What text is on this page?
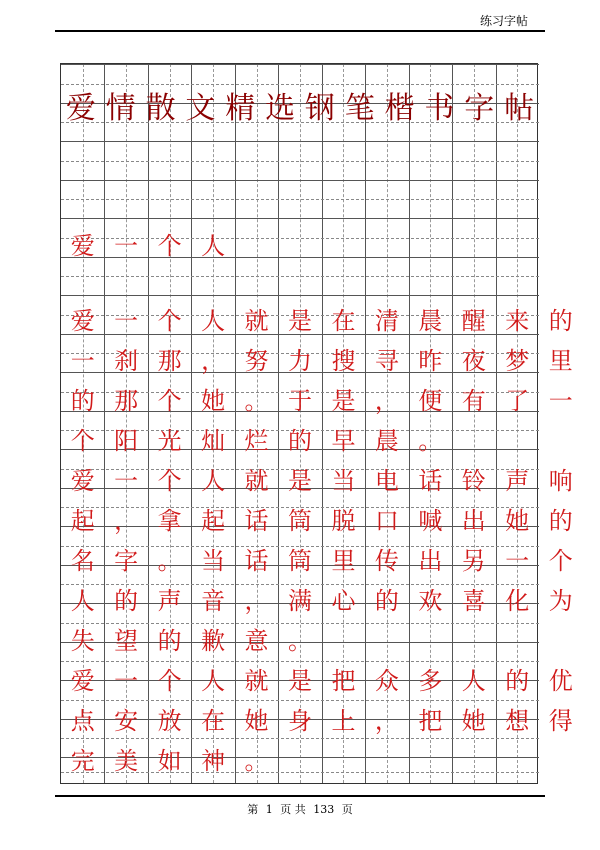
练习字帖
爱 情 散 文 精 选 钢 笔 楷 书 字 帖
爱 一 个 人
爱 一 个 人 就 是 在 清 晨 醒 来 的
一 刹 那 ， 努 力 搜 寻 昨 夜 梦 里
的 那 个 她 。 于 是 ， 便 有 了 一
个 阳 光 灿 烂 的 早 晨 。
爱 一 个 人 就 是 当 电 话 铃 声 响
起 ， 拿 起 话 筒 脱 口 喊 出 她 的
名 字 。 当 话 筒 里 传 出 另 一 个
人 的 声 音 ， 满 心 的 欢 喜 化 为
失 望 的 歉 意 。
爱 一 个 人 就 是 把 众 多 人 的 优
点 安 放 在 她 身 上 ， 把 她 想 得
完 美 如 神 。
第 1 页 共 133 页
